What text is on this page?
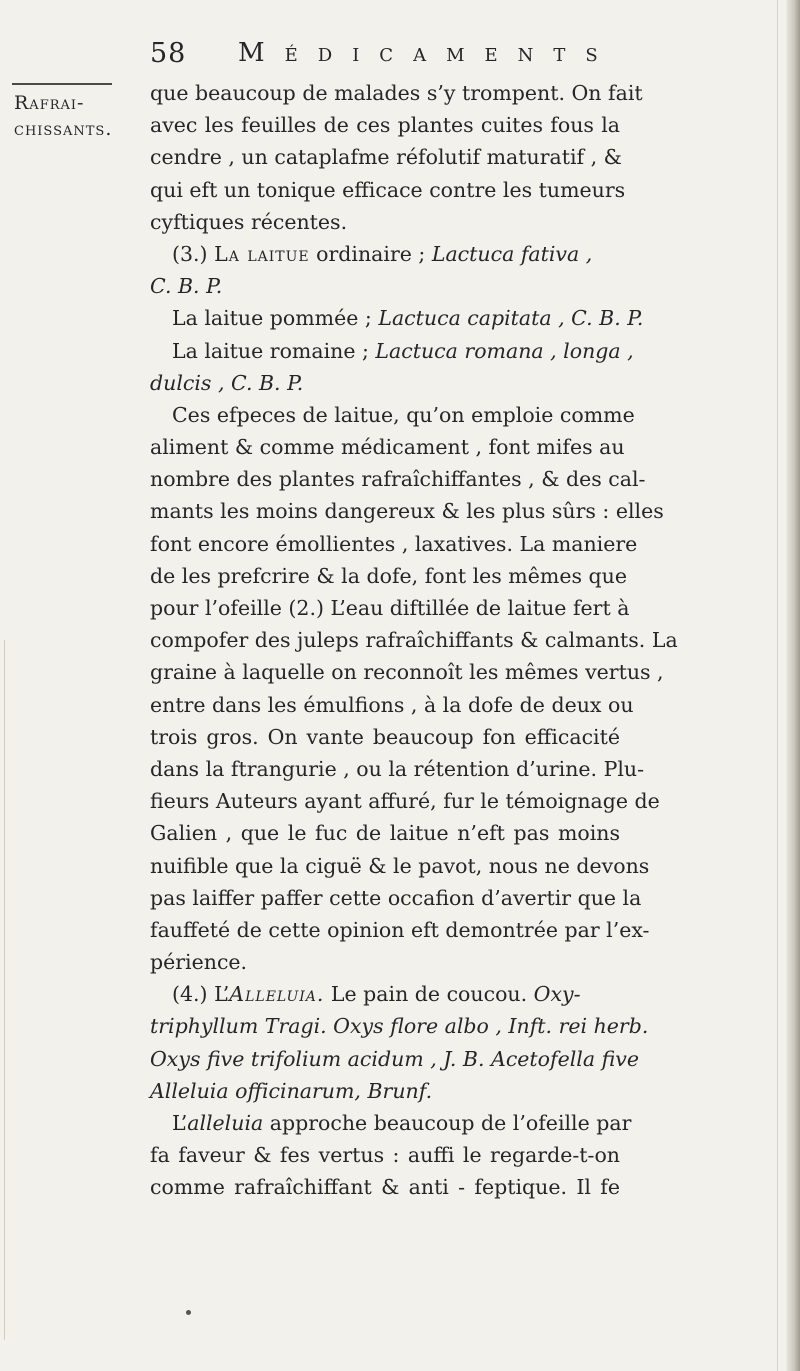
58 Médicaments
Rafrai-
chissants.
que beaucoup de malades s’y trompent. On fait
avec les feuilles de ces plantes cuites fous la
cendre , un cataplafme réfolutif maturatif , &
qui eft un tonique efficace contre les tumeurs
cyftiques récentes.
(3.) La laitue ordinaire ; Lactuca fativa ,
C. B. P.
La laitue pommée ; Lactuca capitata , C. B. P.
La laitue romaine ; Lactuca romana , longa ,
dulcis , C. B. P.
Ces efpeces de laitue, qu’on emploie comme
aliment & comme médicament , font mifes au
nombre des plantes rafraîchiffantes , & des cal-
mants les moins dangereux & les plus sûrs : elles
font encore émollientes , laxatives. La maniere
de les prefcrire & la dofe, font les mêmes que
pour l’ofeille (2.) L’eau diftillée de laitue fert à
compofer des juleps rafraîchiffants & calmants. La
graine à laquelle on reconnoît les mêmes vertus ,
entre dans les émulfions , à la dofe de deux ou
trois gros. On vante beaucoup fon efficacité
dans la ftrangurie , ou la rétention d’urine. Plu-
fieurs Auteurs ayant affuré, fur le témoignage de
Galien , que le fuc de laitue n’eft pas moins
nuifible que la ciguë & le pavot, nous ne devons
pas laiffer paffer cette occafion d’avertir que la
fauffeté de cette opinion eft demontrée par l’ex-
périence.
(4.) L’Alleluia. Le pain de coucou. Oxy-
triphyllum Tragi. Oxys flore albo , Inft. rei herb.
Oxys five trifolium acidum , J. B. Acetofella five
Alleluia officinarum, Brunf.
L’alleluia approche beaucoup de l’ofeille par
fa faveur & fes vertus : auffi le regarde-t-on
comme rafraîchiffant & anti - feptique. Il fe
